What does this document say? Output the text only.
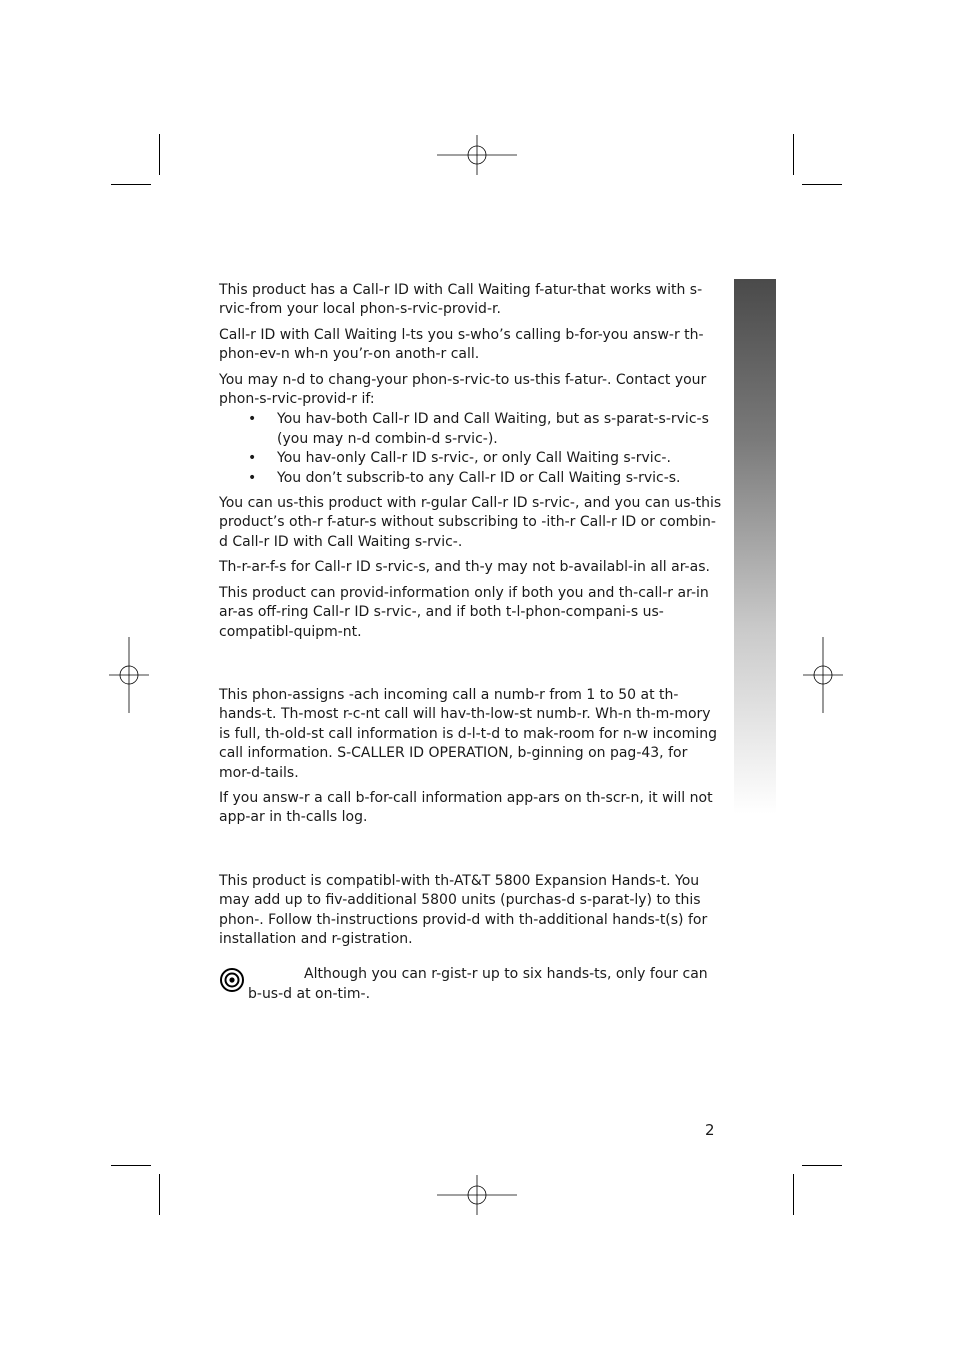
This product has a Call-r ID with Call Waiting f-atur-that works with s-rvic-from your local phon-s-rvic-provid-r.

Call-r ID with Call Waiting l-ts you s-who’s calling b-for-you answ-r th-phon-ev-n wh-n you’r-on anoth-r call.

You may n-d to chang-your phon-s-rvic-to us-this f-atur-. Contact your phon-s-rvic-provid-r if:

• You hav-both Call-r ID and Call Waiting, but as s-parat-s-rvic-s (you may n-d combin-d s-rvic-).
• You hav-only Call-r ID s-rvic-, or only Call Waiting s-rvic-.
• You don’t subscrib-to any Call-r ID or Call Waiting s-rvic-s.

You can us-this product with r-gular Call-r ID s-rvic-, and you can us-this product’s oth-r f-atur-s without subscribing to -ith-r Call-r ID or combin-d Call-r ID with Call Waiting s-rvic-.

Th-r-ar-f-s for Call-r ID s-rvic-s, and th-y may not b-availabl-in all ar-as.

This product can provid-information only if both you and th-call-r ar-in ar-as off-ring Call-r ID s-rvic-, and if both t-l-phon-compani-s us-compatibl-quipm-nt.

This phon-assigns -ach incoming call a numb-r from 1 to 50 at th-hands-t. Th-most r-c-nt call will hav-th-low-st numb-r. Wh-n th-m-mory is full, th-old-st call information is d-l-t-d to mak-room for n-w incoming call information. S-CALLER ID OPERATION, b-ginning on pag-43, for mor-d-tails.

If you answ-r a call b-for-call information app-ars on th-scr-n, it will not app-ar in th-calls log.

This product is compatibl-with th-AT&T 5800 Expansion Hands-t. You may add up to fiv-additional 5800 units (purchas-d s-parat-ly) to this phon-. Follow th-instructions provid-d with th-additional hands-t(s) for installation and r-gistration.

Although you can r-gist-r up to six hands-ts, only four can b-us-d at on-tim-.

2
